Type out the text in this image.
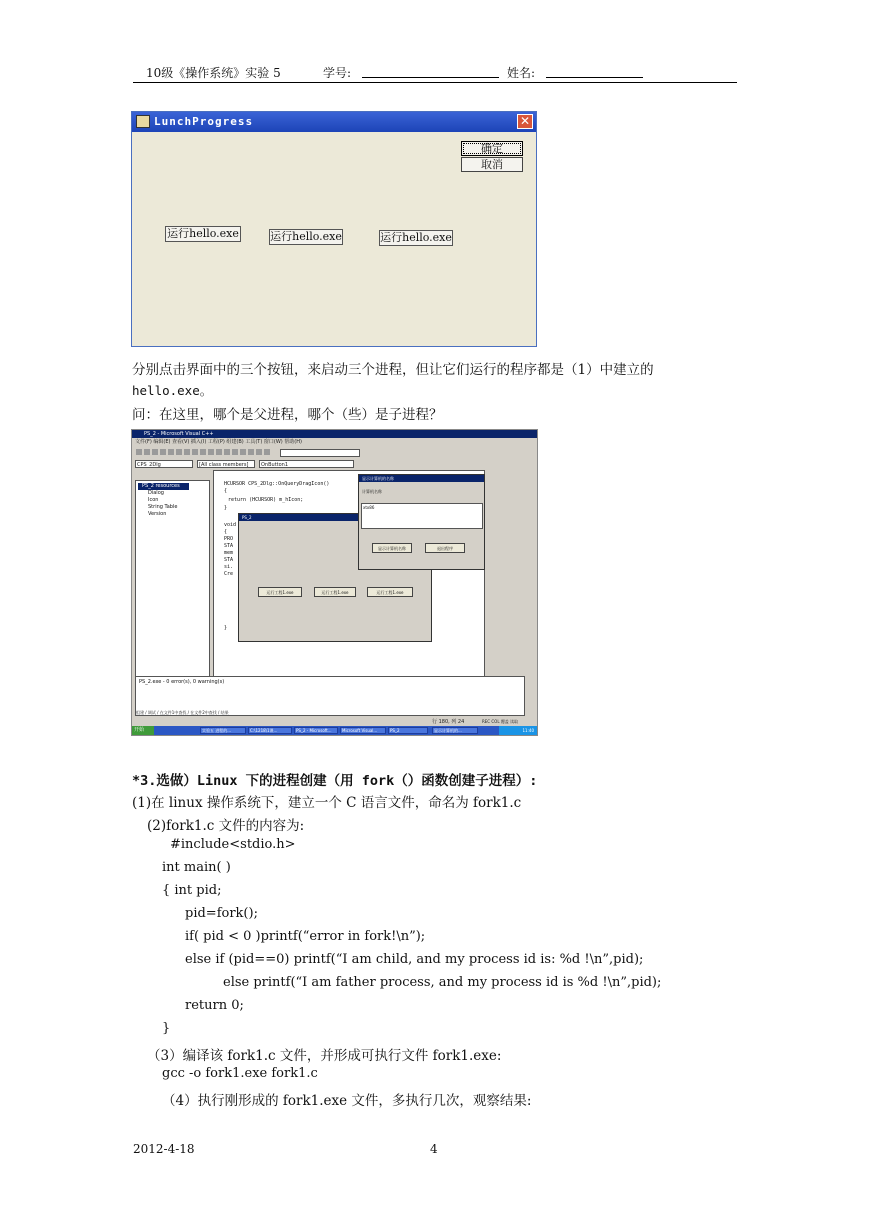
10级《操作系统》实验 5	学号:	姓名:
LunchProgress	✕
确定
取消
运行hello.exe	运行hello.exe	运行hello.exe
分别点击界面中的三个按钮，来启动三个进程，但让它们运行的程序都是（1）中建立的
hello.exe。
问：在这里，哪个是父进程，哪个（些）是子进程？
PS_2 - Microsoft Visual C++
文件(F) 编辑(E) 查看(V) 插入(I) 工程(P) 组建(B) 工具(T) 窗口(W) 帮助(H)
CPS_2Dlg	[All class members]	OnButton1
PS_2 resources
Dialog
Icon
String Table
Version
HCURSOR CPS_2Dlg::OnQueryDragIcon()
{
return (HCURSOR) m_hIcon;
}
void
{
PRO
STA
mem
STA
si.
Cre
}
PS_2
运行工程1.exe	运行工程1.exe	运行工程1.exe
显示计算机的名称
计算机名称
xtx86
显示计算机名称	退出程序
PS_2.exe - 0 error(s), 0 warning(s)
组建 / 调试 / 在文件1中查找 / 在文件2中查找 / 结果
行 180, 列 24	REC COL 覆盖 读取
开始	实验五 进程的...	C:\1218\1课...	PS_2 - Microsoft...	Microsoft Visual...	PS_2	显示计算机的...	11:40
*3.选做）Linux 下的进程创建（用 fork（）函数创建子进程）:
(1)在 linux 操作系统下，建立一个 C 语言文件，命名为 fork1.c
(2)fork1.c 文件的内容为:
#include<stdio.h>
int main( )
{ int pid;
pid=fork();
if( pid < 0 )printf(“error in fork!\n”);
else if (pid==0) printf(“I am child, and my process id is: %d !\n”,pid);
else printf(“I am father process, and my process id is %d !\n”,pid);
return 0;
}
（3）编译该 fork1.c 文件，并形成可执行文件 fork1.exe:
gcc -o fork1.exe fork1.c
（4）执行刚形成的 fork1.exe 文件，多执行几次，观察结果:
2012-4-18	4
